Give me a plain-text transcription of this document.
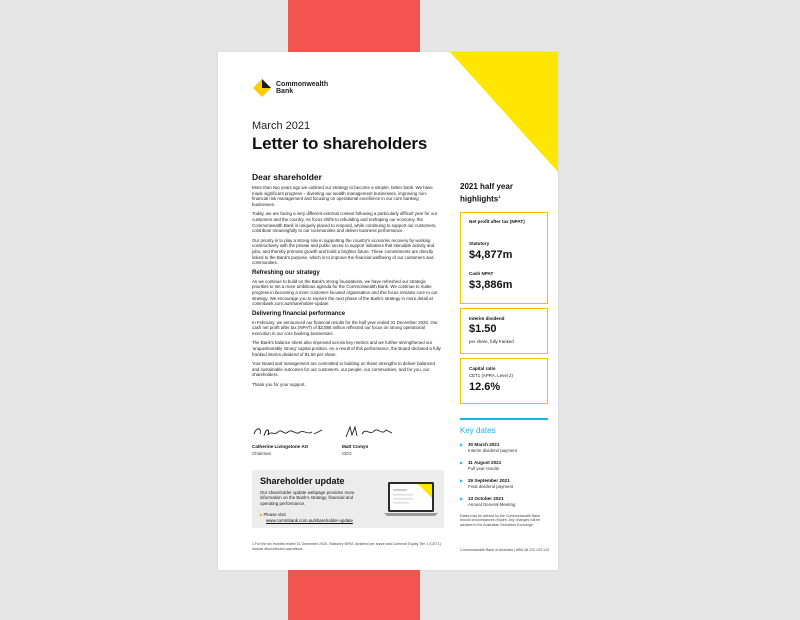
Commonwealth
Bank
March 2021
Letter to shareholders
Dear shareholder

More than two years ago we outlined our strategy to become a simpler, better bank. We have made significant progress – divesting our wealth management businesses, improving non-financial risk management and focusing on operational excellence in our core banking businesses.

Today, we are facing a very different external context following a particularly difficult year for our customers and the country. As focus shifts to rebuilding and reshaping our economy, the Commonwealth Bank is uniquely placed to respond, while continuing to support our customers, contribute meaningfully to our communities and deliver business performance.

Our priority is to play a strong role in supporting the country's economic recovery by working constructively with the private and public sector to support initiatives that stimulate activity and jobs, and thereby promote growth and build a brighter future. These commitments are directly linked to the Bank's purpose, which is to improve the financial wellbeing of our customers and communities.

Refreshing our strategy

As we continue to build on the Bank's strong foundations, we have refreshed our strategic priorities to set a more ambitious agenda for the Commonwealth Bank. We continue to make progress in becoming a more customer-focused organisation and this focus remains core to our strategy. We encourage you to explore the next phase of the Bank's strategy in more detail at commbank.com.au/shareholder-update.

Delivering financial performance

In February, we announced our financial results for the half year ended 31 December 2020. Our cash net profit after tax (NPAT) of $3,886 million reflected our focus on strong operational execution in our core banking businesses.

The Bank's balance sheet also improved across key metrics and we further strengthened our 'unquestionably strong' capital position. As a result of this performance, the Board declared a fully franked interim dividend of $1.50 per share.

Your Board and management are committed to building on these strengths to deliver balanced and sustainable outcomes for our customers, our people, our communities, and for you, our shareholders.

Thank you for your support.

Catherine Livingstone AO
Chairman
Matt Comyn
CEO
Shareholder update
Our shareholder update webpage provides more information on the Bank's strategy, financial and operating performance.
▸ Please visit
www.commbank.com.au/shareholder-update
1 For the six months ended 31 December 2020. Statutory NPAT, dividend per share and Common Equity Tier 1 (CET1) include discontinued operations.
2021 half year highlights$^1$
Net profit after tax (NPAT)
Statutory
$4,877m
Cash NPAT
$3,886m
Interim dividend
$1.50
per share, fully franked
Capital ratio
CET1 (APRA, Level 2)
12.6%
Key dates
▶ 30 March 2021
Interim dividend payment
▶ 11 August 2021
Full year results
▶ 29 September 2021
Final dividend payment
▶ 13 October 2021
Annual General Meeting
Dates may be altered by the Commonwealth Bank should circumstances require. Any changes will be advised to the Australian Securities Exchange.
Commonwealth Bank of Australia | ABN 48 123 123 124
